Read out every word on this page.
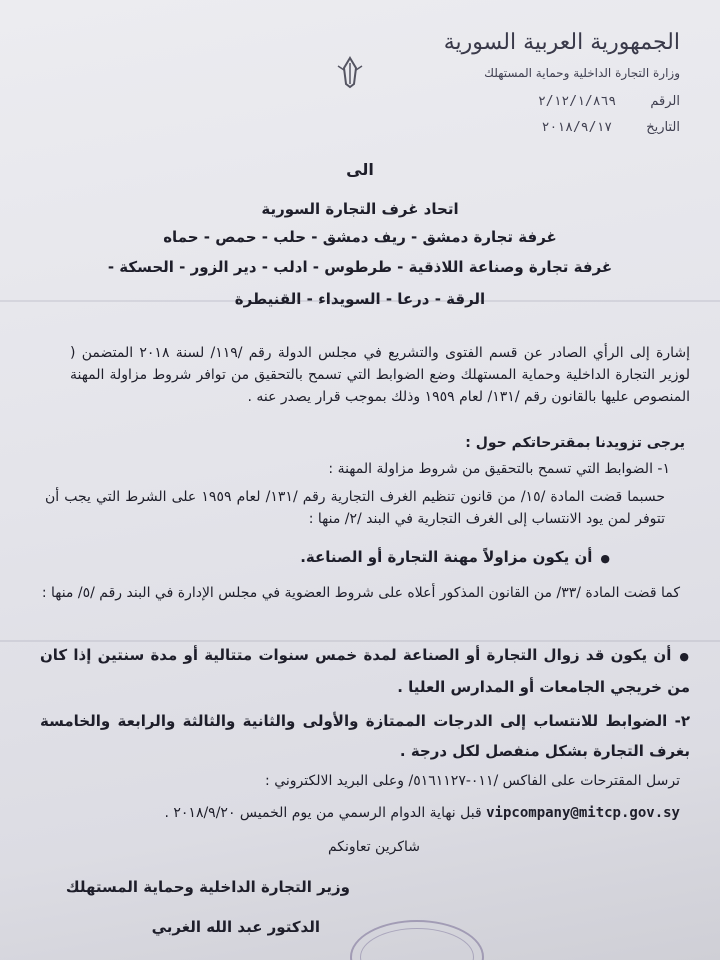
الجمهورية العربية السورية
وزارة التجارة الداخلية وحماية المستهلك
الرقم ٢/١٢/١/٨٦٩
التاريخ ٢٠١٨/٩/١٧
الى
اتحاد غرف التجارة السورية
غرفة تجارة دمشق - ريف دمشق - حلب - حمص - حماه
غرفة تجارة وصناعة اللاذقية - طرطوس - ادلب - دير الزور - الحسكة -
الرقة - درعا - السويداء - القنيطرة
إشارة إلى الرأي الصادر عن قسم الفتوى والتشريع في مجلس الدولة رقم /١١٩/ لسنة ٢٠١٨ المتضمن ( لوزير التجارة الداخلية وحماية المستهلك وضع الضوابط التي تسمح بالتحقيق من توافر شروط مزاولة المهنة المنصوص عليها بالقانون رقم /١٣١/ لعام ١٩٥٩ وذلك بموجب قرار يصدر عنه .
يرجى تزويدنا بمقترحاتكم حول :
١- الضوابط التي تسمح بالتحقيق من شروط مزاولة المهنة :
حسبما قضت المادة /١٥/ من قانون تنظيم الغرف التجارية رقم /١٣١/ لعام ١٩٥٩ على الشرط التي يجب أن تتوفر لمن يود الانتساب إلى الغرف التجارية في البند /٢/ منها :
● أن يكون مزاولاً مهنة التجارة أو الصناعة.
كما قضت المادة /٣٣/ من القانون المذكور أعلاه على شروط العضوية في مجلس الإدارة في البند رقم /٥/ منها :
● أن يكون قد زوال التجارة أو الصناعة لمدة خمس سنوات متتالية أو مدة سنتين إذا كان من خريجي الجامعات أو المدارس العليا .
٢- الضوابط للانتساب إلى الدرجات الممتازة والأولى والثانية والثالثة والرابعة والخامسة بغرف التجارة بشكل منفصل لكل درجة .
ترسل المقترحات على الفاكس /٠١١-٥١٦١١٢٧/ وعلى البريد الالكتروني :
vipcompany@mitcp.gov.sy قبل نهاية الدوام الرسمي من يوم الخميس ٢٠١٨/٩/٢٠ .
شاكرين تعاونكم
وزير التجارة الداخلية وحماية المستهلك
الدكتور عبد الله الغربي
